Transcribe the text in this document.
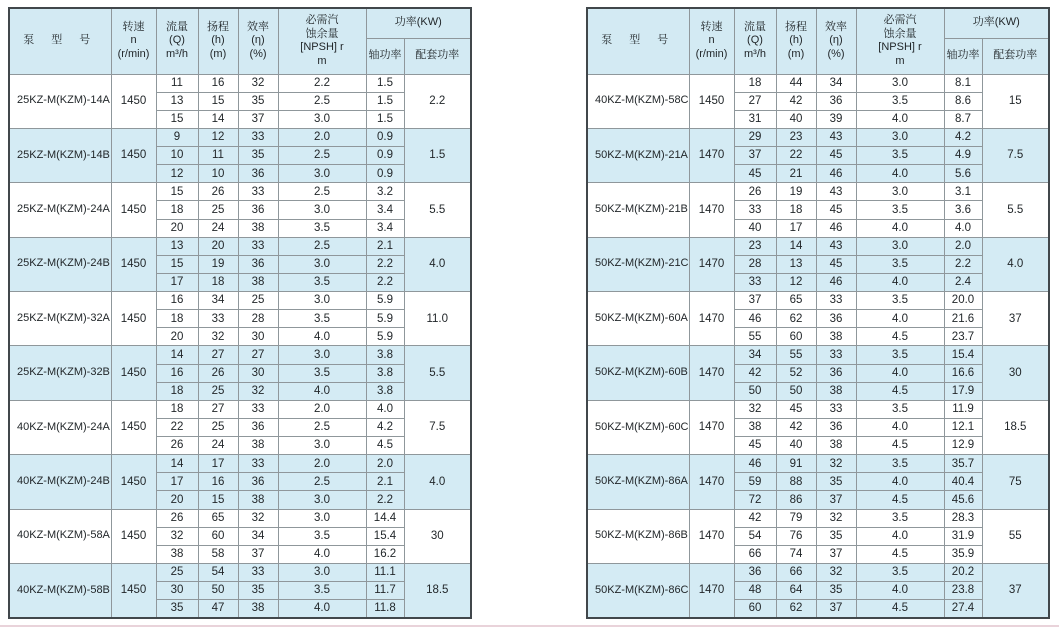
泵 型 号	转速
n
(r/min)	流量
(Q)
m³/h	扬程
(h)
(m)	效率
(η)
(%)	必需汽
蚀余量
[NPSH] r
m	功率(KW)	
						轴功率	配套功率
25KZ-M(KZM)-14A	1450	11	16	32	2.2	1.5	2.2
		13	15	35	2.5	1.5	
		15	14	37	3.0	1.5	
25KZ-M(KZM)-14B	1450	9	12	33	2.0	0.9	1.5
		10	11	35	2.5	0.9	
		12	10	36	3.0	0.9	
25KZ-M(KZM)-24A	1450	15	26	33	2.5	3.2	5.5
		18	25	36	3.0	3.4	
		20	24	38	3.5	3.4	
25KZ-M(KZM)-24B	1450	13	20	33	2.5	2.1	4.0
		15	19	36	3.0	2.2	
		17	18	38	3.5	2.2	
25KZ-M(KZM)-32A	1450	16	34	25	3.0	5.9	11.0
		18	33	28	3.5	5.9	
		20	32	30	4.0	5.9	
25KZ-M(KZM)-32B	1450	14	27	27	3.0	3.8	5.5
		16	26	30	3.5	3.8	
		18	25	32	4.0	3.8	
40KZ-M(KZM)-24A	1450	18	27	33	2.0	4.0	7.5
		22	25	36	2.5	4.2	
		26	24	38	3.0	4.5	
40KZ-M(KZM)-24B	1450	14	17	33	2.0	2.0	4.0
		17	16	36	2.5	2.1	
		20	15	38	3.0	2.2	
40KZ-M(KZM)-58A	1450	26	65	32	3.0	14.4	30
		32	60	34	3.5	15.4	
		38	58	37	4.0	16.2	
40KZ-M(KZM)-58B	1450	25	54	33	3.0	11.1	18.5
		30	50	35	3.5	11.7	
		35	47	38	4.0	11.8	
泵 型 号	转速
n
(r/min)	流量
(Q)
m³/h	扬程
(h)
(m)	效率
(η)
(%)	必需汽
蚀余量
[NPSH] r
m	功率(KW)	
						轴功率	配套功率
40KZ-M(KZM)-58C	1450	18	44	34	3.0	8.1	15
		27	42	36	3.5	8.6	
		31	40	39	4.0	8.7	
50KZ-M(KZM)-21A	1470	29	23	43	3.0	4.2	7.5
		37	22	45	3.5	4.9	
		45	21	46	4.0	5.6	
50KZ-M(KZM)-21B	1470	26	19	43	3.0	3.1	5.5
		33	18	45	3.5	3.6	
		40	17	46	4.0	4.0	
50KZ-M(KZM)-21C	1470	23	14	43	3.0	2.0	4.0
		28	13	45	3.5	2.2	
		33	12	46	4.0	2.4	
50KZ-M(KZM)-60A	1470	37	65	33	3.5	20.0	37
		46	62	36	4.0	21.6	
		55	60	38	4.5	23.7	
50KZ-M(KZM)-60B	1470	34	55	33	3.5	15.4	30
		42	52	36	4.0	16.6	
		50	50	38	4.5	17.9	
50KZ-M(KZM)-60C	1470	32	45	33	3.5	11.9	18.5
		38	42	36	4.0	12.1	
		45	40	38	4.5	12.9	
50KZ-M(KZM)-86A	1470	46	91	32	3.5	35.7	75
		59	88	35	4.0	40.4	
		72	86	37	4.5	45.6	
50KZ-M(KZM)-86B	1470	42	79	32	3.5	28.3	55
		54	76	35	4.0	31.9	
		66	74	37	4.5	35.9	
50KZ-M(KZM)-86C	1470	36	66	32	3.5	20.2	37
		48	64	35	4.0	23.8	
		60	62	37	4.5	27.4	
